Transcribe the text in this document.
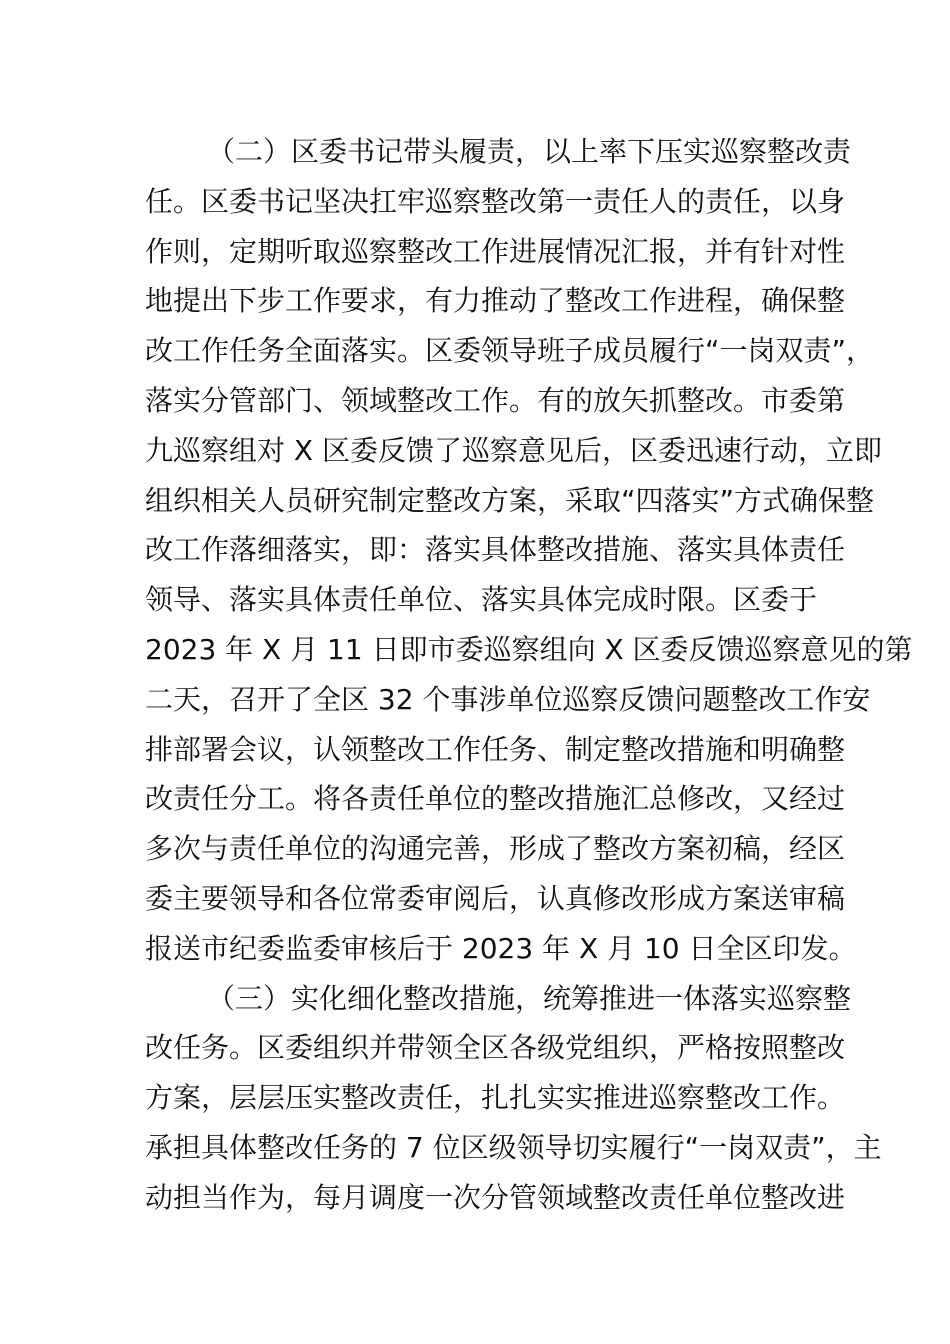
（二）区委书记带头履责，以上率下压实巡察整改责
任。区委书记坚决扛牢巡察整改第一责任人的责任，以身
作则，定期听取巡察整改工作进展情况汇报，并有针对性
地提出下步工作要求，有力推动了整改工作进程，确保整
改工作任务全面落实。区委领导班子成员履行“一岗双责”，
落实分管部门、领域整改工作。有的放矢抓整改。市委第
九巡察组对 X 区委反馈了巡察意见后，区委迅速行动，立即
组织相关人员研究制定整改方案，采取“四落实”方式确保整
改工作落细落实，即：落实具体整改措施、落实具体责任
领导、落实具体责任单位、落实具体完成时限。区委于
2023 年 X 月 11 日即市委巡察组向 X 区委反馈巡察意见的第
二天，召开了全区 32 个事涉单位巡察反馈问题整改工作安
排部署会议，认领整改工作任务、制定整改措施和明确整
改责任分工。将各责任单位的整改措施汇总修改，又经过
多次与责任单位的沟通完善，形成了整改方案初稿，经区
委主要领导和各位常委审阅后，认真修改形成方案送审稿
报送市纪委监委审核后于 2023 年 X 月 10 日全区印发。
（三）实化细化整改措施，统筹推进一体落实巡察整
改任务。区委组织并带领全区各级党组织，严格按照整改
方案，层层压实整改责任，扎扎实实推进巡察整改工作。
承担具体整改任务的 7 位区级领导切实履行“一岗双责”，主
动担当作为，每月调度一次分管领域整改责任单位整改进
